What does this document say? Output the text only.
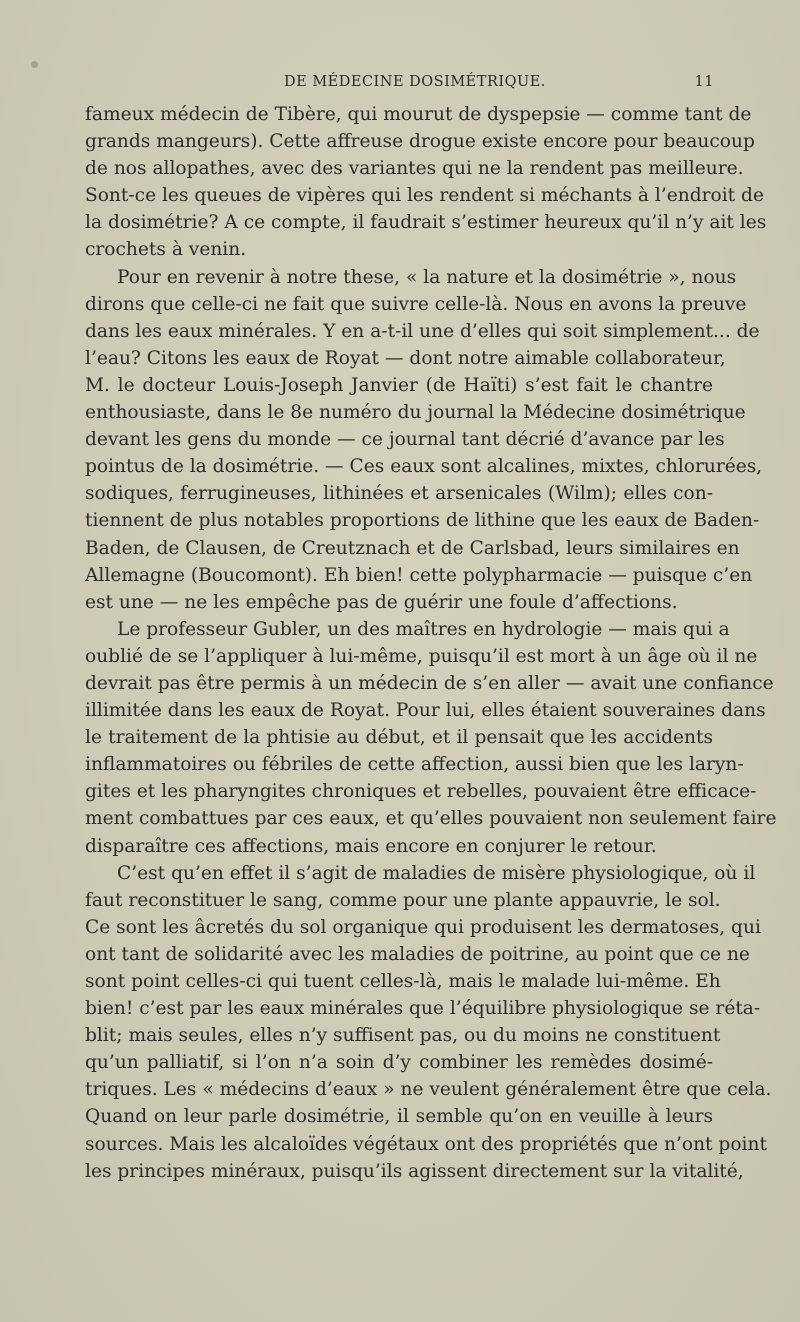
DE MÉDECINE DOSIMÉTRIQUE.	11
fameux médecin de Tibère, qui mourut de dyspepsie — comme tant de
grands mangeurs). Cette affreuse drogue existe encore pour beaucoup
de nos allopathes, avec des variantes qui ne la rendent pas meilleure.
Sont-ce les queues de vipères qui les rendent si méchants à l’endroit de
la dosimétrie? A ce compte, il faudrait s’estimer heureux qu’il n’y ait les
crochets à venin.
Pour en revenir à notre these, « la nature et la dosimétrie », nous
dirons que celle-ci ne fait que suivre celle-là. Nous en avons la preuve
dans les eaux minérales. Y en a-t-il une d’elles qui soit simplement... de
l’eau? Citons les eaux de Royat — dont notre aimable collaborateur,
M. le docteur Louis-Joseph Janvier (de Haïti) s’est fait le chantre
enthousiaste, dans le 8e numéro du journal la Médecine dosimétrique
devant les gens du monde — ce journal tant décrié d’avance par les
pointus de la dosimétrie. — Ces eaux sont alcalines, mixtes, chlorurées,
sodiques, ferrugineuses, lithinées et arsenicales (Wilm); elles con-
tiennent de plus notables proportions de lithine que les eaux de Baden-
Baden, de Clausen, de Creutznach et de Carlsbad, leurs similaires en
Allemagne (Boucomont). Eh bien! cette polypharmacie — puisque c’en
est une — ne les empêche pas de guérir une foule d’affections.
Le professeur Gubler, un des maîtres en hydrologie — mais qui a
oublié de se l’appliquer à lui-même, puisqu’il est mort à un âge où il ne
devrait pas être permis à un médecin de s’en aller — avait une confiance
illimitée dans les eaux de Royat. Pour lui, elles étaient souveraines dans
le traitement de la phtisie au début, et il pensait que les accidents
inflammatoires ou fébriles de cette affection, aussi bien que les laryn-
gites et les pharyngites chroniques et rebelles, pouvaient être efficace-
ment combattues par ces eaux, et qu’elles pouvaient non seulement faire
disparaître ces affections, mais encore en conjurer le retour.
C’est qu’en effet il s’agit de maladies de misère physiologique, où il
faut reconstituer le sang, comme pour une plante appauvrie, le sol.
Ce sont les âcretés du sol organique qui produisent les dermatoses, qui
ont tant de solidarité avec les maladies de poitrine, au point que ce ne
sont point celles-ci qui tuent celles-là, mais le malade lui-même. Eh
bien! c’est par les eaux minérales que l’équilibre physiologique se réta-
blit; mais seules, elles n’y suffisent pas, ou du moins ne constituent
qu’un palliatif, si l’on n’a soin d’y combiner les remèdes dosimé-
triques. Les « médecins d’eaux » ne veulent généralement être que cela.
Quand on leur parle dosimétrie, il semble qu’on en veuille à leurs
sources. Mais les alcaloïdes végétaux ont des propriétés que n’ont point
les principes minéraux, puisqu’ils agissent directement sur la vitalité,
